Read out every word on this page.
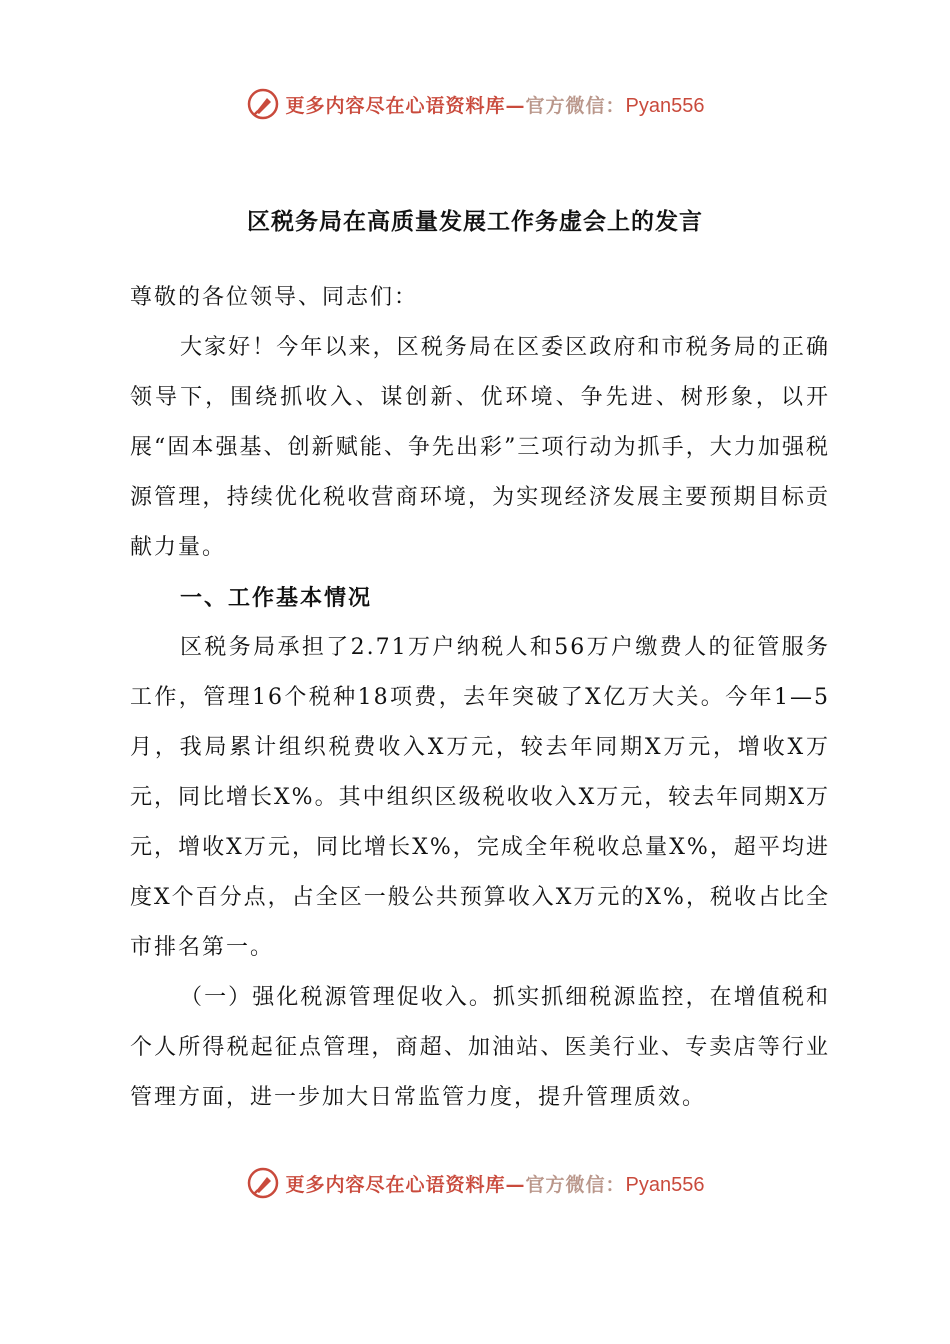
更多内容尽在心语资料库—官方微信：Pyan556
区税务局在高质量发展工作务虚会上的发言

尊敬的各位领导、同志们：

大家好！今年以来，区税务局在区委区政府和市税务局的正确领导下，围绕抓收入、谋创新、优环境、争先进、树形象，以开展“固本强基、创新赋能、争先出彩”三项行动为抓手，大力加强税源管理，持续优化税收营商环境，为实现经济发展主要预期目标贡献力量。

一、工作基本情况

区税务局承担了2.71万户纳税人和56万户缴费人的征管服务工作，管理16个税种18项费，去年突破了X亿万大关。今年1—5月，我局累计组织税费收入X万元，较去年同期X万元，增收X万元，同比增长X%。其中组织区级税收收入X万元，较去年同期X万元，增收X万元，同比增长X%，完成全年税收总量X%，超平均进度X个百分点，占全区一般公共预算收入X万元的X%，税收占比全市排名第一。

（一）强化税源管理促收入。抓实抓细税源监控，在增值税和个人所得税起征点管理，商超、加油站、医美行业、专卖店等行业管理方面，进一步加大日常监管力度，提升管理质效。

更多内容尽在心语资料库—官方微信：Pyan556
